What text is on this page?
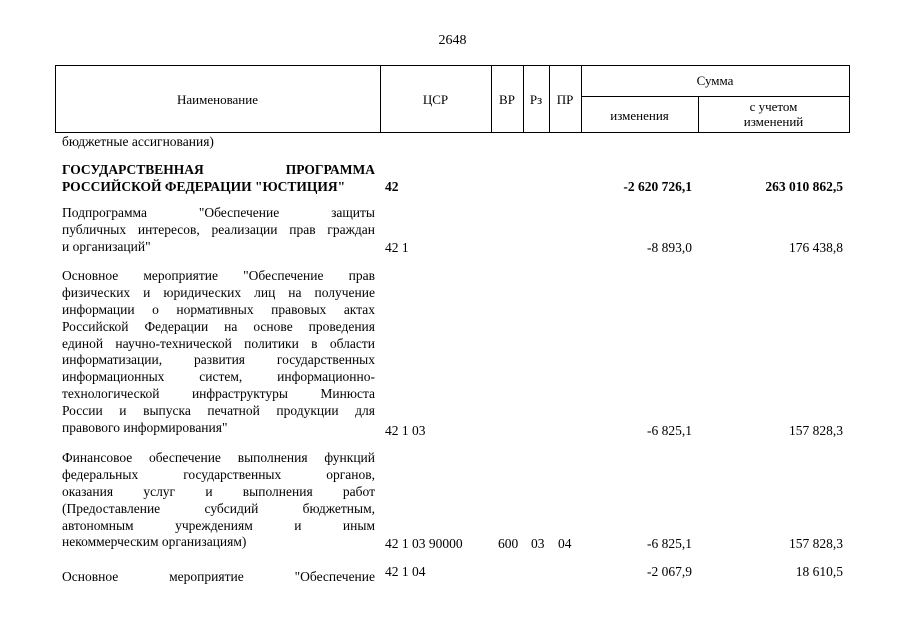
2648
Наименование	ЦСР	ВР	Рз	ПР
Сумма
изменения
с учетом
изменений
бюджетные ассигнования)
ГОСУДАРСТВЕННАЯ ПРОГРАММА
РОССИЙСКОЙ ФЕДЕРАЦИИ "ЮСТИЦИЯ"	42	-2 620 726,1	263 010 862,5
Подпрограмма "Обеспечение защиты
публичных интересов, реализации прав граждан
и организаций"	42 1	-8 893,0	176 438,8
Основное мероприятие "Обеспечение прав
физических и юридических лиц на получение
информации о нормативных правовых актах
Российской Федерации на основе проведения
единой научно-технической политики в области
информатизации, развития государственных
информационных систем, информационно-
технологической инфраструктуры Минюста
России и выпуска печатной продукции для
правового информирования"	42 1 03	-6 825,1	157 828,3
Финансовое обеспечение выполнения функций
федеральных государственных органов,
оказания услуг и выполнения работ
(Предоставление субсидий бюджетным,
автономным учреждениям и иным
некоммерческим организациям)	42 1 03 90000	600 03 04	-6 825,1	157 828,3
Основное мероприятие "Обеспечение 42 1 04	-2 067,9	18 610,5
